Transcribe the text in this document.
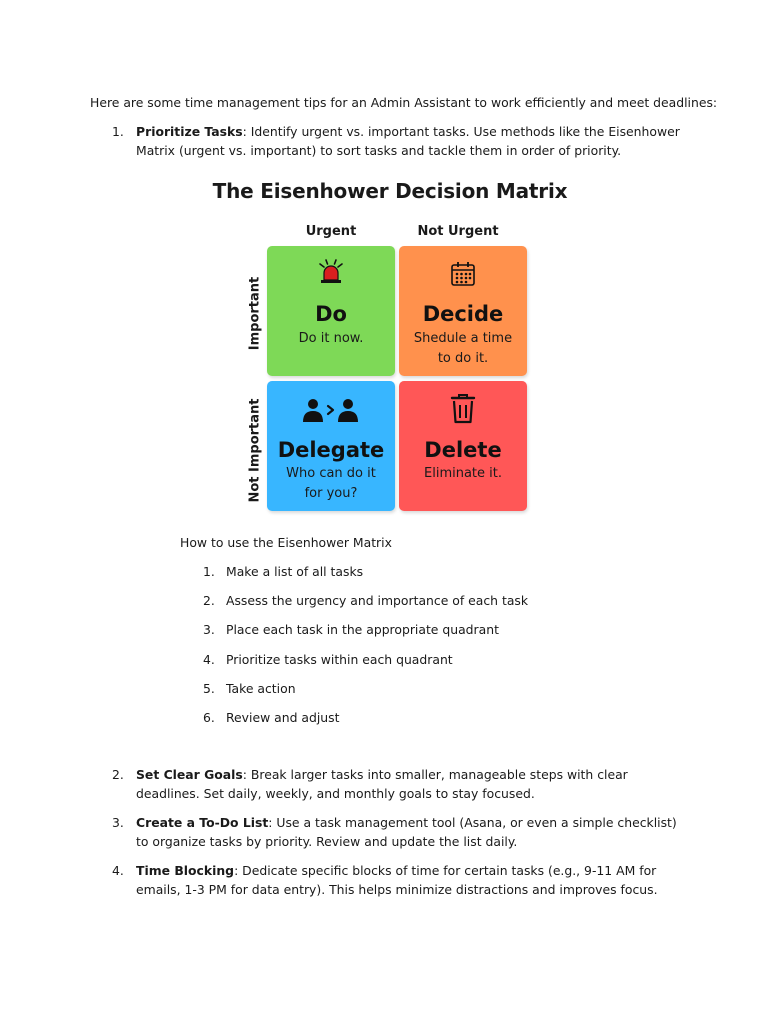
Here are some time management tips for an Admin Assistant to work efficiently and meet deadlines:
1. Prioritize Tasks: Identify urgent vs. important tasks. Use methods like the Eisenhower Matrix (urgent vs. important) to sort tasks and tackle them in order of priority.
The Eisenhower Decision Matrix
Urgent	Not Urgent
Important
Not Important
Do
Do it now.
Decide
Shedule a time to do it.
Delegate
Who can do it for you?
Delete
Eliminate it.
How to use the Eisenhower Matrix
1. Make a list of all tasks
2. Assess the urgency and importance of each task
3. Place each task in the appropriate quadrant
4. Prioritize tasks within each quadrant
5. Take action
6. Review and adjust
2. Set Clear Goals: Break larger tasks into smaller, manageable steps with clear deadlines. Set daily, weekly, and monthly goals to stay focused.
3. Create a To-Do List: Use a task management tool (Asana, or even a simple checklist) to organize tasks by priority. Review and update the list daily.
4. Time Blocking: Dedicate specific blocks of time for certain tasks (e.g., 9-11 AM for emails, 1-3 PM for data entry). This helps minimize distractions and improves focus.
